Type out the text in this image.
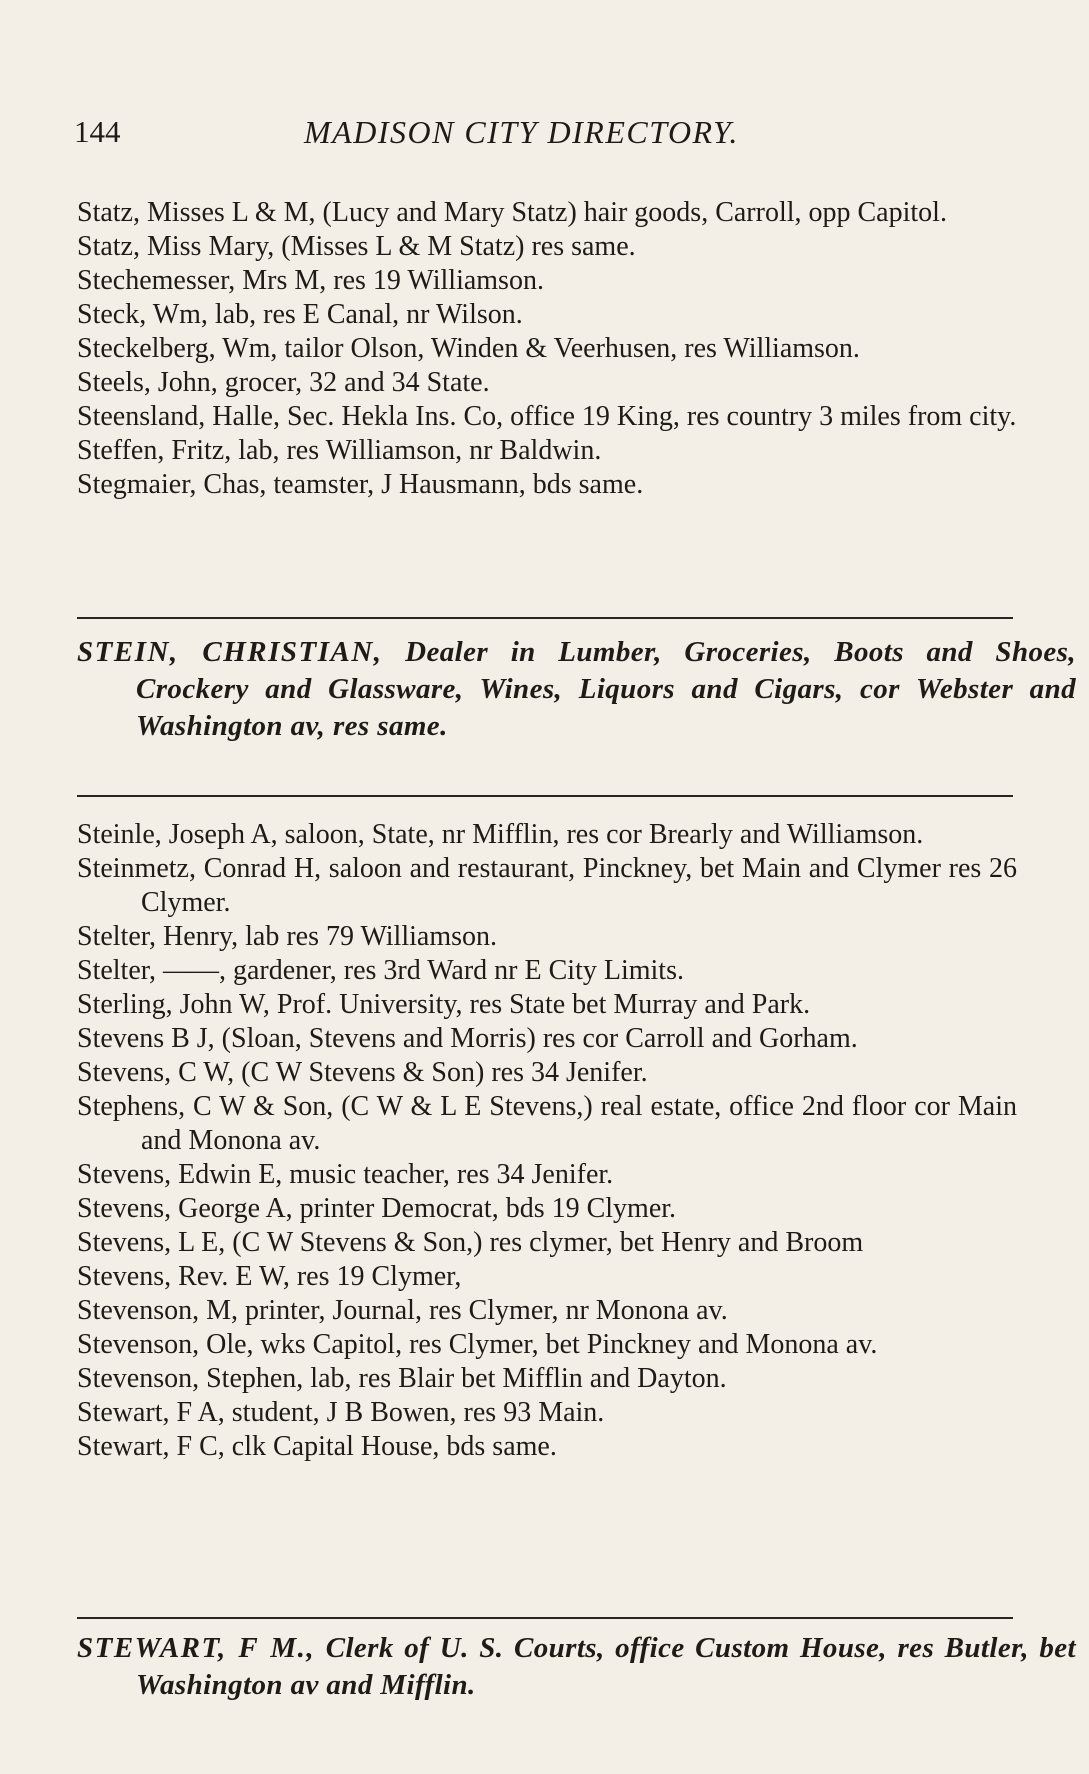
144	MADISON CITY DIRECTORY.
Statz, Misses L & M, (Lucy and Mary Statz) hair goods, Carroll, opp Capitol.
Statz, Miss Mary, (Misses L & M Statz) res same.
Stechemesser, Mrs M, res 19 Williamson.
Steck, Wm, lab, res E Canal, nr Wilson.
Steckelberg, Wm, tailor Olson, Winden & Veerhusen, res Williamson.
Steels, John, grocer, 32 and 34 State.
Steensland, Halle, Sec. Hekla Ins. Co, office 19 King, res country 3 miles from city.
Steffen, Fritz, lab, res Williamson, nr Baldwin.
Stegmaier, Chas, teamster, J Hausmann, bds same.
STEIN, CHRISTIAN, Dealer in Lumber, Groceries, Boots and Shoes, Crockery and Glassware, Wines, Liquors and Cigars, cor Webster and Washington av, res same.
Steinle, Joseph A, saloon, State, nr Mifflin, res cor Brearly and Williamson.
Steinmetz, Conrad H, saloon and restaurant, Pinckney, bet Main and Clymer res 26 Clymer.
Stelter, Henry, lab res 79 Williamson.
Stelter, ——, gardener, res 3rd Ward nr E City Limits.
Sterling, John W, Prof. University, res State bet Murray and Park.
Stevens B J, (Sloan, Stevens and Morris) res cor Carroll and Gorham.
Stevens, C W, (C W Stevens & Son) res 34 Jenifer.
Stephens, C W & Son, (C W & L E Stevens,) real estate, office 2nd floor cor Main and Monona av.
Stevens, Edwin E, music teacher, res 34 Jenifer.
Stevens, George A, printer Democrat, bds 19 Clymer.
Stevens, L E, (C W Stevens & Son,) res clymer, bet Henry and Broom
Stevens, Rev. E W, res 19 Clymer,
Stevenson, M, printer, Journal, res Clymer, nr Monona av.
Stevenson, Ole, wks Capitol, res Clymer, bet Pinckney and Monona av.
Stevenson, Stephen, lab, res Blair bet Mifflin and Dayton.
Stewart, F A, student, J B Bowen, res 93 Main.
Stewart, F C, clk Capital House, bds same.
STEWART, F M., Clerk of U. S. Courts, office Custom House, res Butler, bet Washington av and Mifflin.
